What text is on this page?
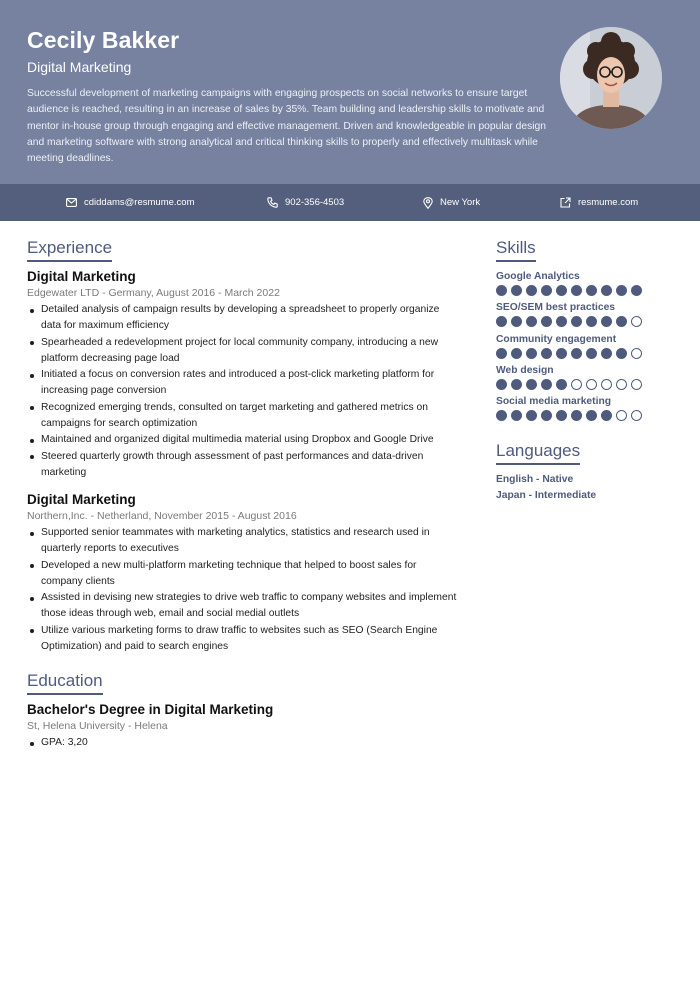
Cecily Bakker
Digital Marketing
Successful development of marketing campaigns with engaging prospects on social networks to ensure target audience is reached, resulting in an increase of sales by 35%. Team building and leadership skills to motivate and mentor in-house group through engaging and effective management. Driven and knowledgeable in popular design and marketing software with strong analytical and critical thinking skills to properly and effectively multitask while meeting deadlines.
cdiddams@resmume.com	902-356-4503	New York	resmume.com
Experience
Digital Marketing
Edgewater LTD - Germany, August 2016 - March 2022
Detailed analysis of campaign results by developing a spreadsheet to properly organize data for maximum efficiency
Spearheaded a redevelopment project for local community company, introducing a new platform decreasing page load
Initiated a focus on conversion rates and introduced a post-click marketing platform for increasing page conversion
Recognized emerging trends, consulted on target marketing and gathered metrics on campaigns for search optimization
Maintained and organized digital multimedia material using Dropbox and Google Drive
Steered quarterly growth through assessment of past performances and data-driven marketing
Digital Marketing
Northern,Inc. - Netherland, November 2015 - August 2016
Supported senior teammates with marketing analytics, statistics and research used in quarterly reports to executives
Developed a new multi-platform marketing technique that helped to boost sales for company clients
Assisted in devising new strategies to drive web traffic to company websites and implement those ideas through web, email and social medial outlets
Utilize various marketing forms to draw traffic to websites such as SEO (Search Engine Optimization) and paid to search engines
Education
Bachelor's Degree in Digital Marketing
St, Helena University - Helena
GPA: 3,20
Skills
Google Analytics
SEO/SEM best practices
Community engagement
Web design
Social media marketing
Languages
English - Native
Japan - Intermediate
